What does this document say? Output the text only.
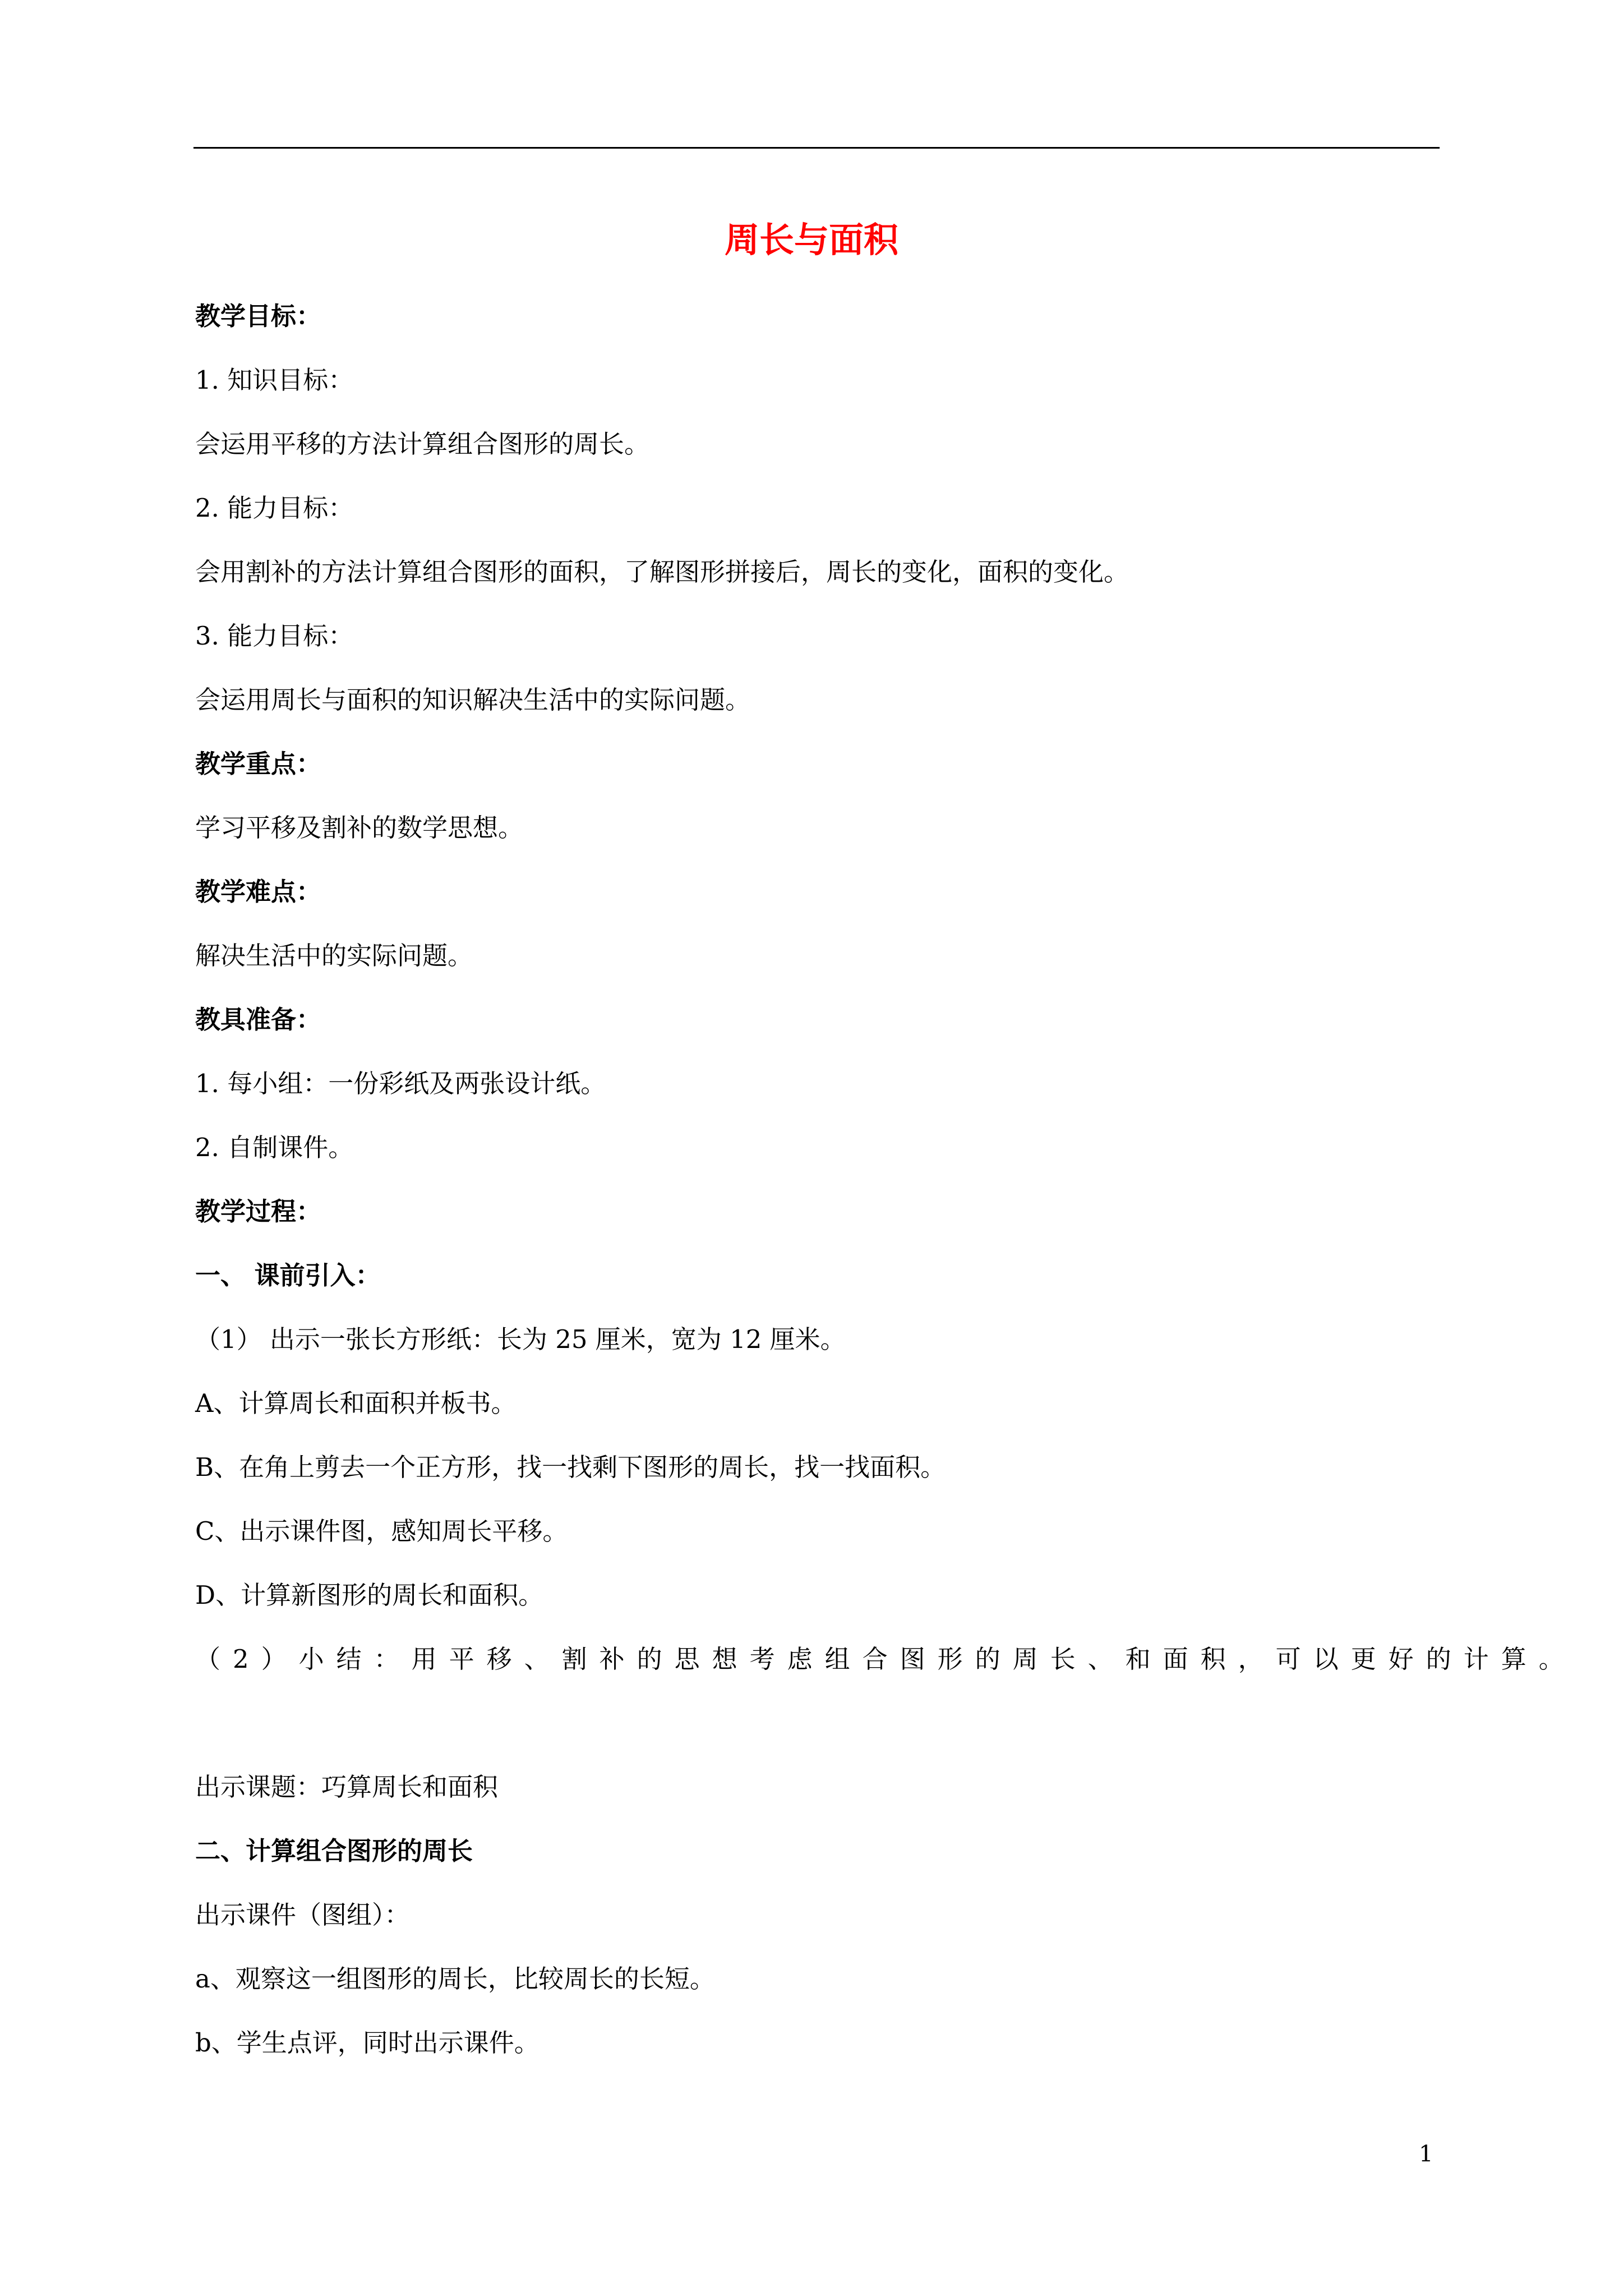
周长与面积
教学目标：
1. 知识目标：
会运用平移的方法计算组合图形的周长。
2. 能力目标：
会用割补的方法计算组合图形的面积，了解图形拼接后，周长的变化，面积的变化。
3. 能力目标：
会运用周长与面积的知识解决生活中的实际问题。
教学重点：
学习平移及割补的数学思想。
教学难点：
解决生活中的实际问题。
教具准备：
1. 每小组：一份彩纸及两张设计纸。
2. 自制课件。
教学过程：
一、 课前引入：
（1） 出示一张长方形纸：长为 25 厘米，宽为 12 厘米。
A、计算周长和面积并板书。
B、在角上剪去一个正方形，找一找剩下图形的周长，找一找面积。
C、出示课件图，感知周长平移。
D、计算新图形的周长和面积。
（2）小结：用平移、割补的思想考虑组合图形的周长、和面积，可以更好的计算。
出示课题：巧算周长和面积
二、计算组合图形的周长
出示课件（图组）：
a、观察这一组图形的周长，比较周长的长短。
b、学生点评，同时出示课件。
1
